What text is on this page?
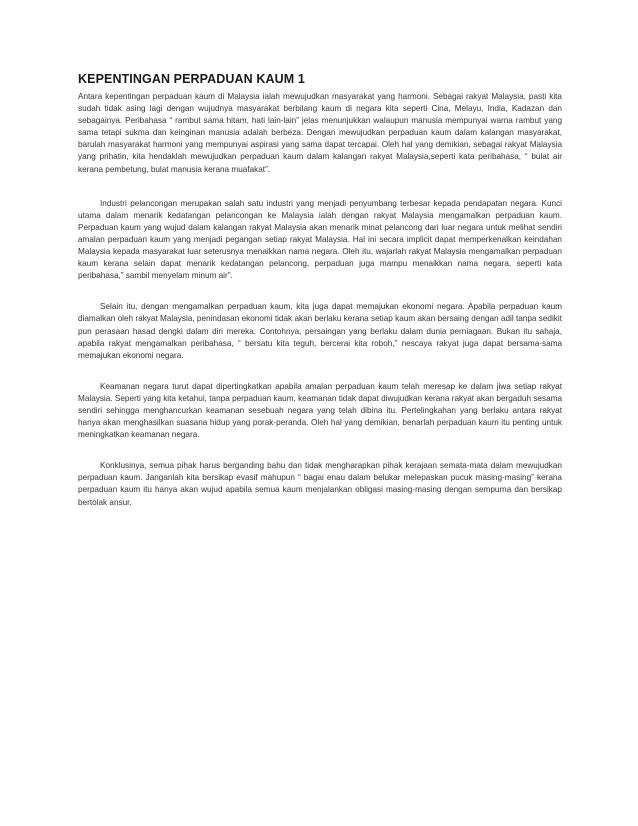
KEPENTINGAN PERPADUAN KAUM 1

Antara kepentingan perpaduan kaum di Malaysia ialah mewujudkan masyarakat yang harmoni. Sebagai rakyat Malaysia, pasti kita sudah tidak asing lagi dengan wujudnya masyarakat berbilang kaum di negara kita seperti Cina, Melayu, India, Kadazan dan sebagainya. Peribahasa “ rambut sama hitam, hati lain-lain” jelas menunjukkan walaupun manusia mempunyai warna rambut yang sama tetapi sukma dan keinginan manusia adalah berbeza. Dengan mewujudkan perpaduan kaum dalam kalangan masyarakat, barulah masyarakat harmoni yang mempunyai aspirasi yang sama dapat tercapai. Oleh hal yang demikian, sebagai rakyat Malaysia yang prihatin, kita hendaklah mewujudkan perpaduan kaum dalam kalangan rakyat Malaysia,seperti kata peribahasa, “ bulat air kerana pembetung, bulat manusia kerana muafakat”.

Industri pelancongan merupakan salah satu industri yang menjadi penyumbang terbesar kepada pendapatan negara. Kunci utama dalam menarik kedatangan pelancongan ke Malaysia ialah dengan rakyat Malaysia mengamalkan perpaduan kaum. Perpaduan kaum yang wujud dalam kalangan rakyat Malaysia akan menarik minat pelancong dari luar negara untuk melihat sendiri amalan perpaduan kaum yang menjadi pegangan setiap rakyat Malaysia. Hal ini secara implicit dapat memperkenalkan keindahan Malaysia kepada masyarakat luar seterusnya menaikkan nama negara. Oleh itu, wajarlah rakyat Malaysia mengamalkan perpaduan kaum kerana selain dapat menarik kedatangan pelancong, perpaduan juga mampu menaikkan nama negara, seperti kata peribahasa,” sambil menyelam minum air”.

Selain itu, dengan mengamalkan perpaduan kaum, kita juga dapat memajukan ekonomi negara. Apabila perpaduan kaum diamalkan oleh rakyat Malaysia, penindasan ekonomi tidak akan berlaku kerana setiap kaum akan bersaing dengan adil tanpa sedikit pun perasaan hasad dengki dalam diri mereka. Contohnya, persaingan yang berlaku dalam dunia perniagaan. Bukan itu sahaja, apabila rakyat mengamalkan peribahasa, “ bersatu kita teguh, bercerai kita roboh,” nescaya rakyat juga dapat bersama-sama memajukan ekonomi negara.

Keamanan negara turut dapat dipertingkatkan apabila amalan perpaduan kaum telah meresap ke dalam jiwa setiap rakyat Malaysia. Seperti yang kita ketahui, tanpa perpaduan kaum, keamanan tidak dapat diwujudkan kerana rakyat akan bergaduh sesama sendiri sehingga menghancurkan keamanan sesebuah negara yang telah dibina itu. Pertelingkahan yang berlaku antara rakyat hanya akan menghasilkan suasana hidup yang porak-peranda. Oleh hal yang demikian, benarlah perpaduan kaum itu penting untuk meningkatkan keamanan negara.

Konklusinya, semua pihak harus berganding bahu dan tidak mengharapkan pihak kerajaan semata-mata dalam mewujudkan perpaduan kaum. Janganlah kita bersikap evasif mahupun “ bagai enau dalam belukar melepaskan pucuk masing-masing” kerana perpaduan kaum itu hanya akan wujud apabila semua kaum menjalankan obligasi masing-masing dengan sempurna dan bersikap bertolak ansur.
